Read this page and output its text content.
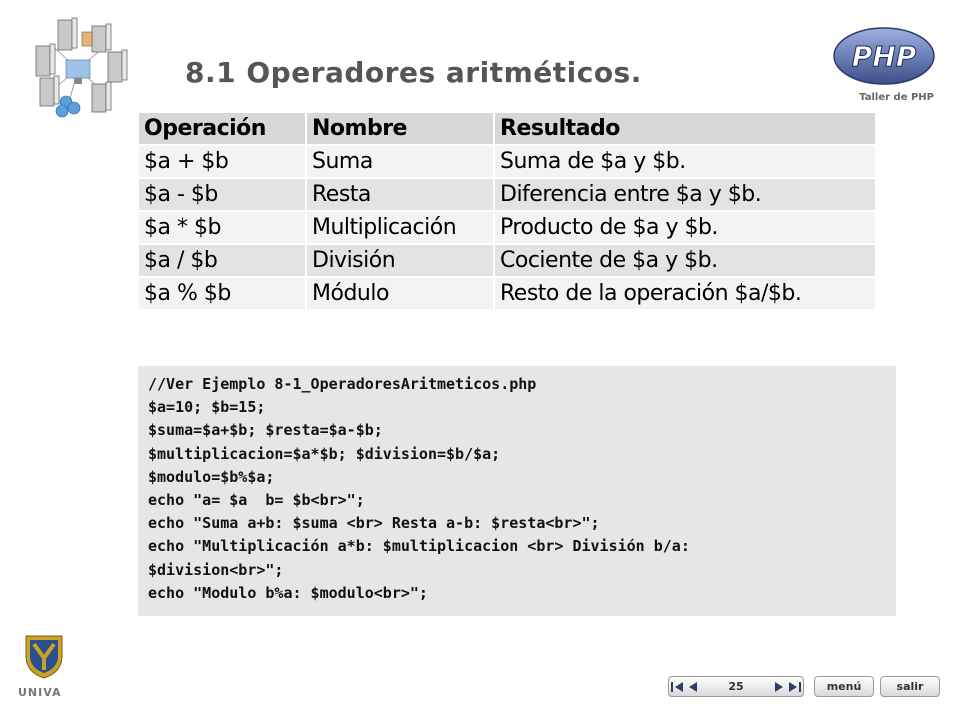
8.1 Operadores aritméticos.	PHP
Taller de PHP
Operación	Nombre	Resultado
$a + $b	Suma	Suma de $a y $b.
$a - $b	Resta	Diferencia entre $a y $b.
$a * $b	Multiplicación	Producto de $a y $b.
$a / $b	División	Cociente de $a y $b.
$a % $b	Módulo	Resto de la operación $a/$b.
//Ver Ejemplo 8-1_OperadoresAritmeticos.php
$a=10; $b=15;
$suma=$a+$b; $resta=$a-$b;
$multiplicacion=$a*$b; $division=$b/$a;
$modulo=$b%$a;
echo "a= $a  b= $b<br>";
echo "Suma a+b: $suma <br> Resta a-b: $resta<br>";
echo "Multiplicación a*b: $multiplicacion <br> División b/a:
$division<br>";
echo "Modulo b%a: $modulo<br>";
UNIVA	25	menú	salir
